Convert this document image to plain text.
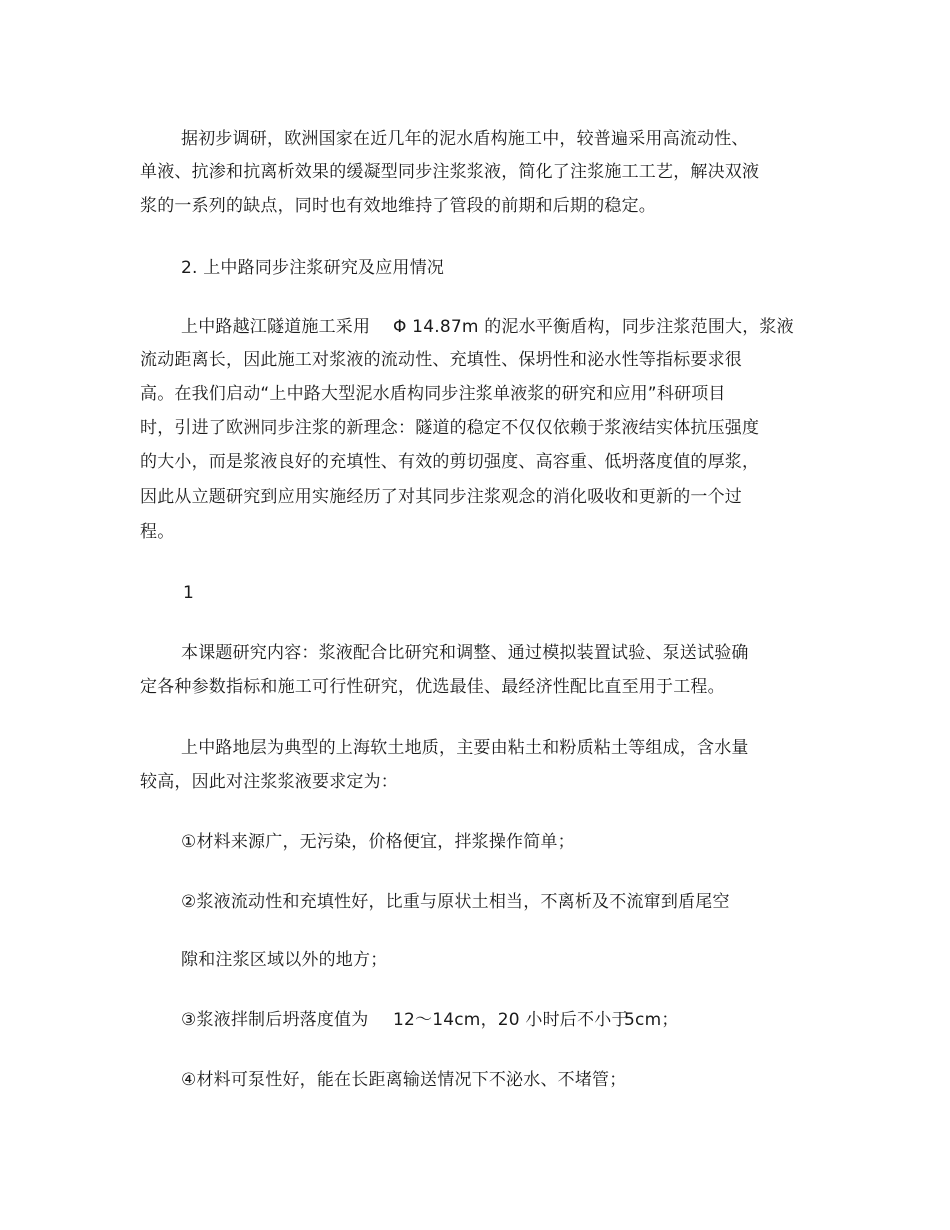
据初步调研，欧洲国家在近几年的泥水盾构施工中，较普遍采用高流动性、
单液、抗渗和抗离析效果的缓凝型同步注浆浆液，简化了注浆施工工艺，解决双液
浆的一系列的缺点，同时也有效地维持了管段的前期和后期的稳定。
2. 上中路同步注浆研究及应用情况
上中路越江隧道施工采用 Φ 14.87m 的泥水平衡盾构，同步注浆范围大，浆液
流动距离长，因此施工对浆液的流动性、充填性、保坍性和泌水性等指标要求很
高。在我们启动“上中路大型泥水盾构同步注浆单液浆的研究和应用”科研项目
时，引进了欧洲同步注浆的新理念：隧道的稳定不仅仅依赖于浆液结实体抗压强度
的大小，而是浆液良好的充填性、有效的剪切强度、高容重、低坍落度值的厚浆，
因此从立题研究到应用实施经历了对其同步注浆观念的消化吸收和更新的一个过
程。
1
本课题研究内容：浆液配合比研究和调整、通过模拟装置试验、泵送试验确
定各种参数指标和施工可行性研究，优选最佳、最经济性配比直至用于工程。
上中路地层为典型的上海软土地质，主要由粘土和粉质粘土等组成，含水量
较高，因此对注浆浆液要求定为：
①材料来源广，无污染，价格便宜，拌浆操作简单；
②浆液流动性和充填性好，比重与原状土相当，不离析及不流窜到盾尾空
隙和注浆区域以外的地方；
③浆液拌制后坍落度值为 12～14cm，20 小时后不小于
5cm；
④材料可泵性好，能在长距离输送情况下不泌水、不堵管；
